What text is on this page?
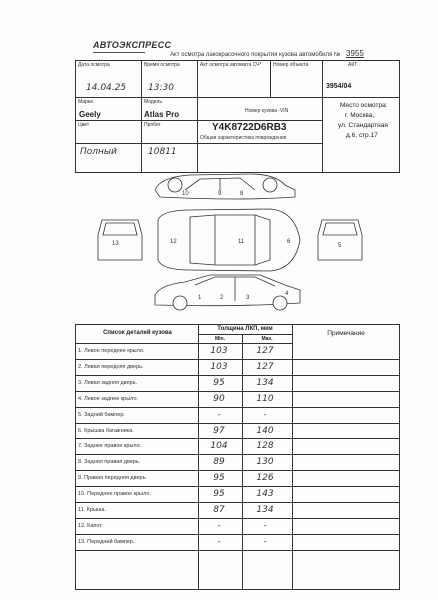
АВТОЭКСПРЕСС
Акт осмотра лакокрасочного покрытия кузова автомобиля № 3955
Дата осмотра
14.04.25
Время осмотра
13:30
Акт осмотра автомата СЧ* Номер объекта	АКТ
3954/04
Место осмотра:
г. Москва,
ул. Стандартная
д.6, стр.17
Марка
Geely
Модель
Atlas Pro	Номер кузова -VIN
Y4K8722D6RB3
Цвет
Полный
Пробег
10811
Общая характеристика повреждения
10	9	8
12	11	6
13	5
1	2	3
4
Список деталей кузова
Толщина ЛКП, мкм
Min.	Max.
Примечание
1. Левое переднее крыло.	103	127
2. Левая передняя дверь.	103	127
3. Левая задняя дверь.	95	134
4. Левое заднее крыло.	90	110
5. Задний бампер.	-	-
6. Крышка багажника.	97	140
7. Заднее правое крыло.	104	128
8. Задняя правая дверь.	89	130
9. Правая передняя дверь.	95	126
10. Переднее правое крыло.	95	143
11. Крыша.	87	134
12. Капот.	-	-
13. Передний бампер.	-	-
